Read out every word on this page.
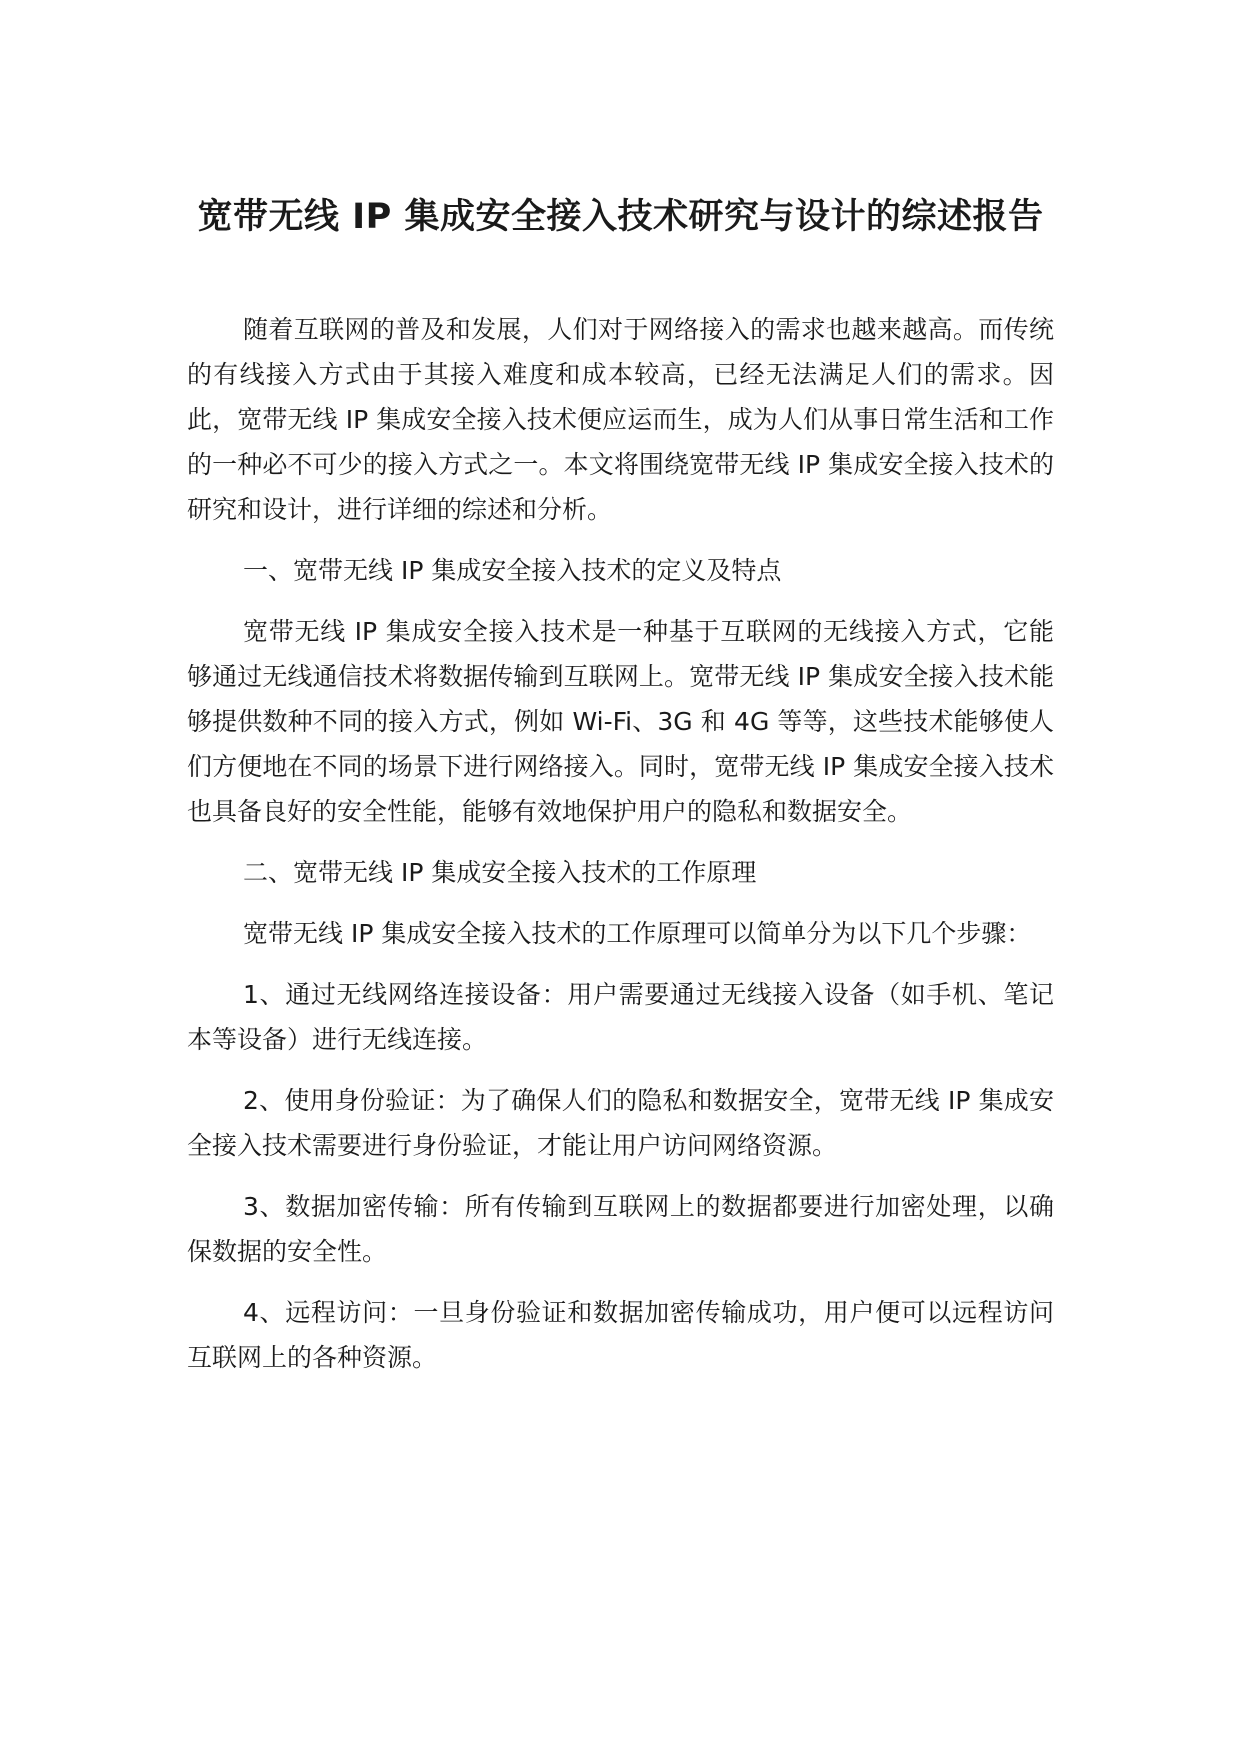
宽带无线 IP 集成安全接入技术研究与设计的综述报告

随着互联网的普及和发展，人们对于网络接入的需求也越来越高。而传统的有线接入方式由于其接入难度和成本较高，已经无法满足人们的需求。因此，宽带无线 IP 集成安全接入技术便应运而生，成为人们从事日常生活和工作的一种必不可少的接入方式之一。本文将围绕宽带无线 IP 集成安全接入技术的研究和设计，进行详细的综述和分析。

一、宽带无线 IP 集成安全接入技术的定义及特点

宽带无线 IP 集成安全接入技术是一种基于互联网的无线接入方式，它能够通过无线通信技术将数据传输到互联网上。宽带无线 IP 集成安全接入技术能够提供数种不同的接入方式，例如 Wi-Fi、3G 和 4G 等等，这些技术能够使人们方便地在不同的场景下进行网络接入。同时，宽带无线 IP 集成安全接入技术也具备良好的安全性能，能够有效地保护用户的隐私和数据安全。

二、宽带无线 IP 集成安全接入技术的工作原理

宽带无线 IP 集成安全接入技术的工作原理可以简单分为以下几个步骤：

1、通过无线网络连接设备：用户需要通过无线接入设备（如手机、笔记本等设备）进行无线连接。

2、使用身份验证：为了确保人们的隐私和数据安全，宽带无线 IP 集成安全接入技术需要进行身份验证，才能让用户访问网络资源。

3、数据加密传输：所有传输到互联网上的数据都要进行加密处理，以确保数据的安全性。

4、远程访问：一旦身份验证和数据加密传输成功，用户便可以远程访问互联网上的各种资源。
